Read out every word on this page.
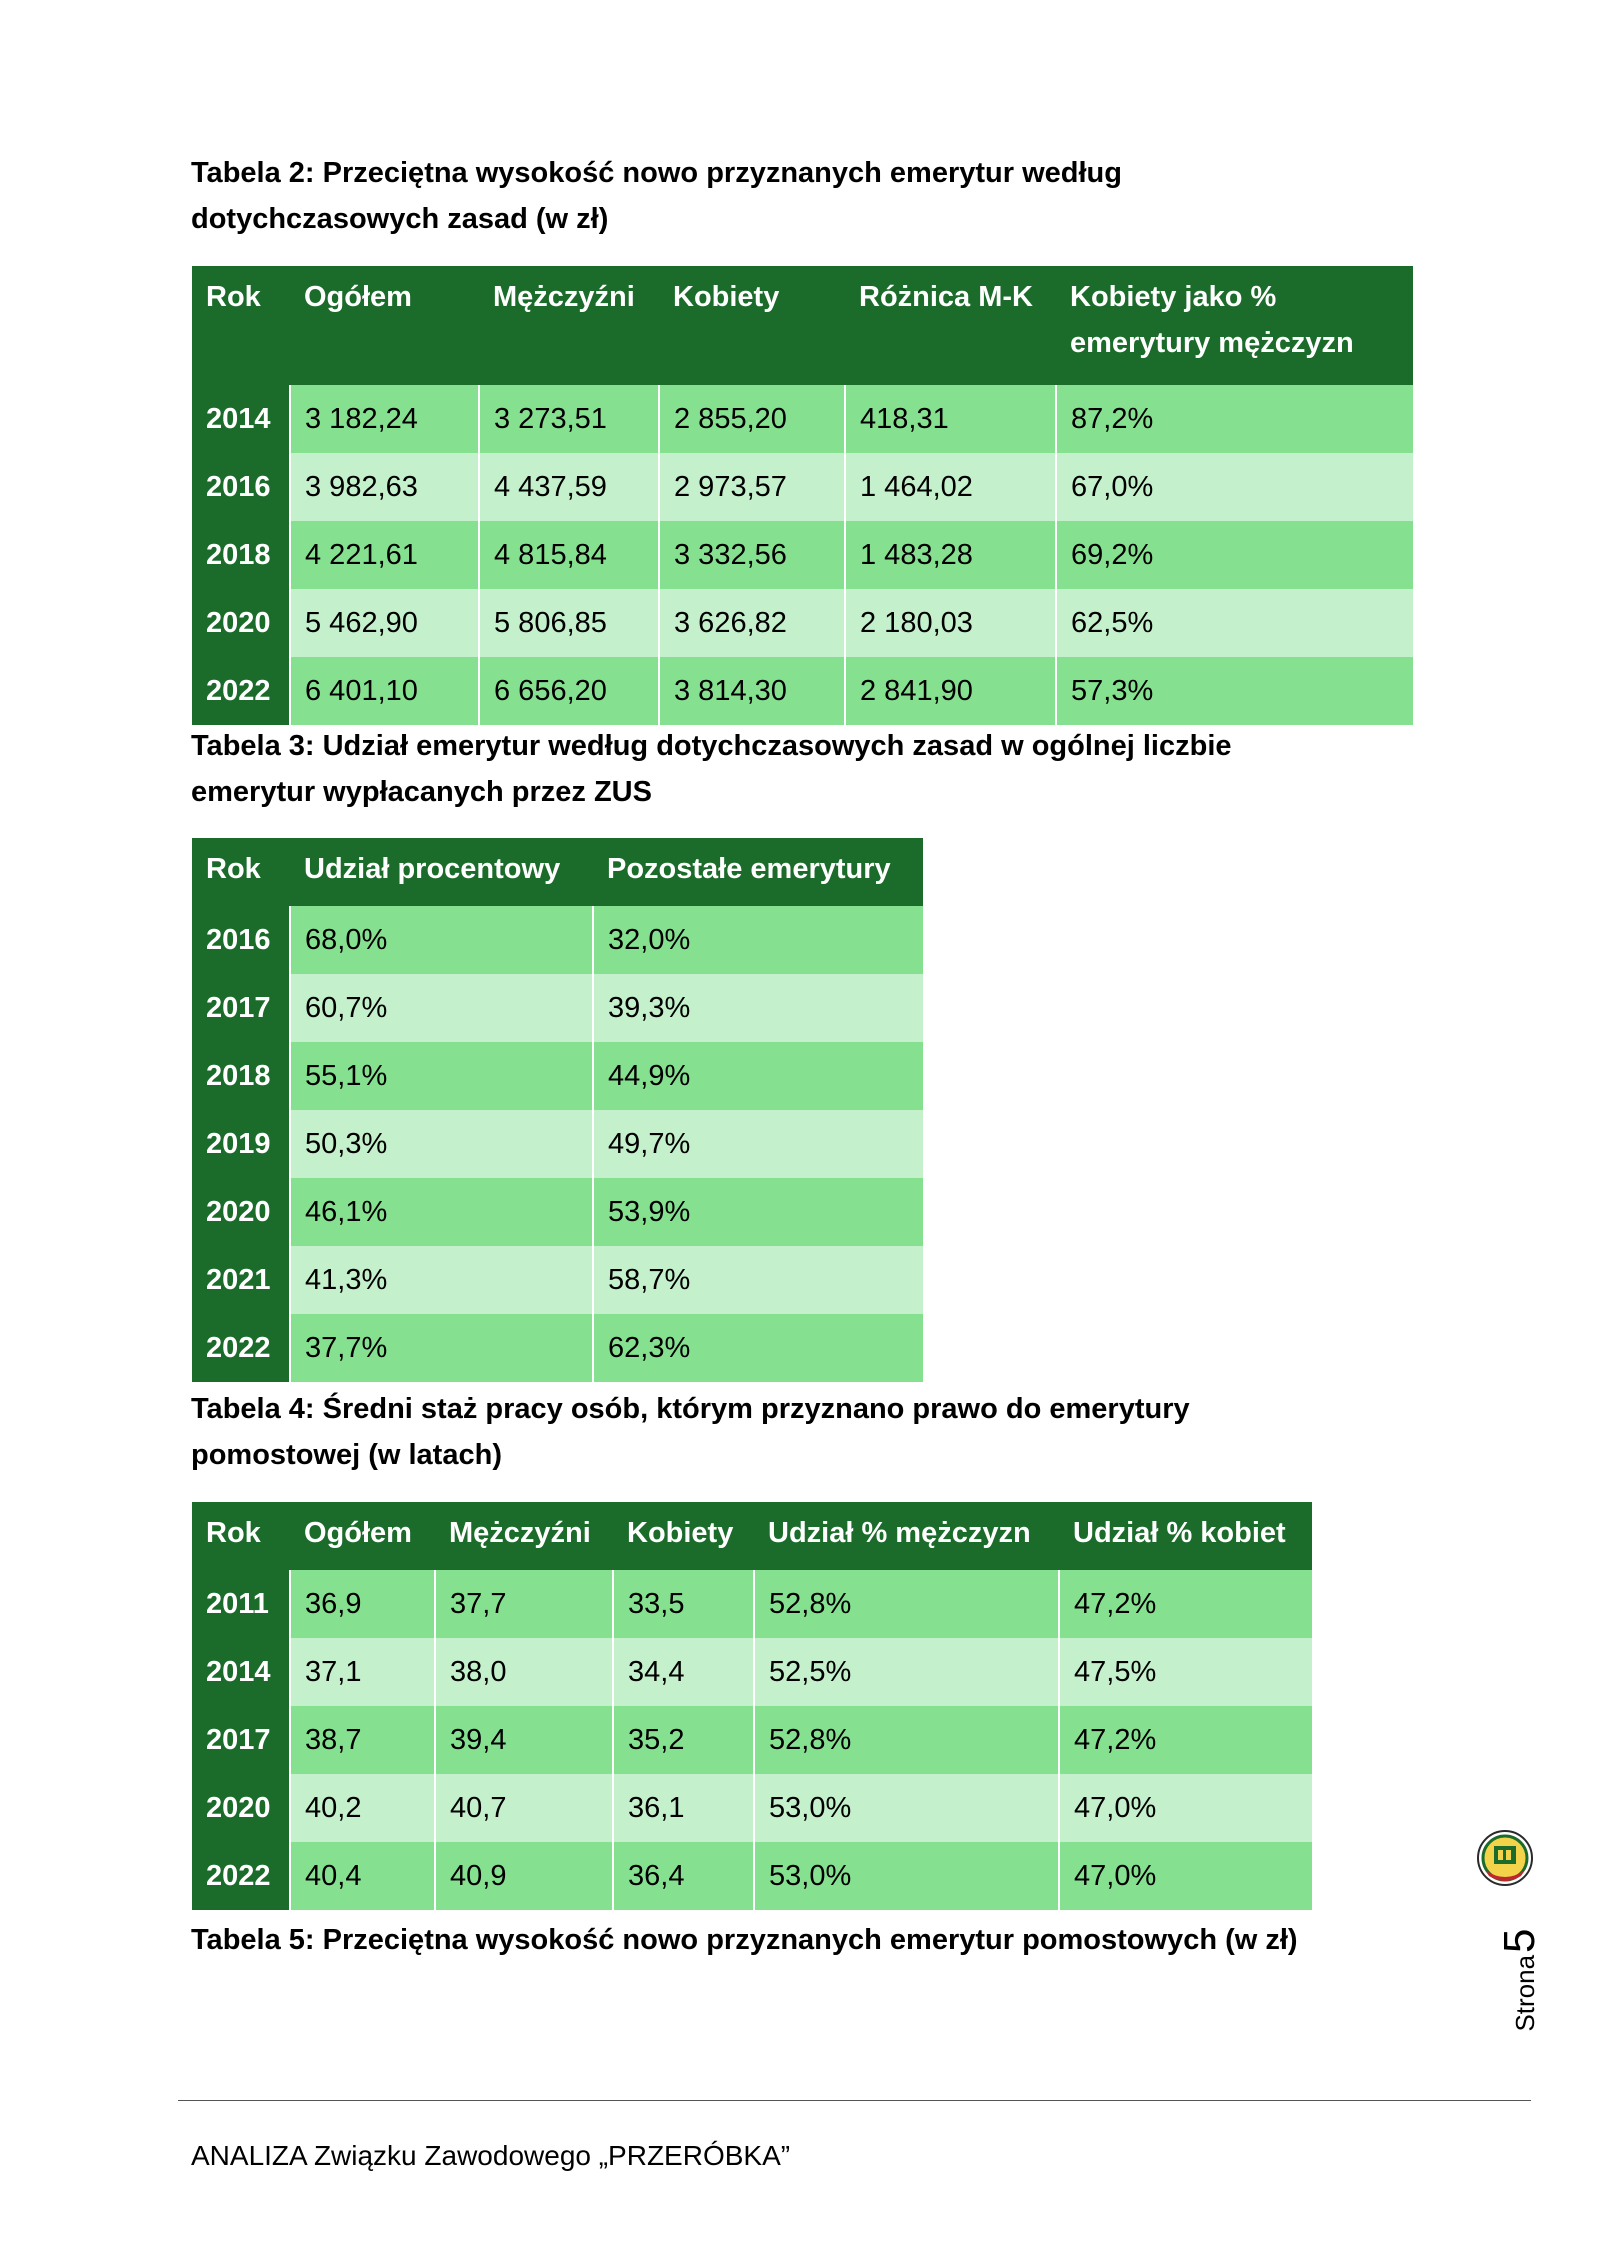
Tabela 2: Przeciętna wysokość nowo przyznanych emerytur według
dotychczasowych zasad (w zł)

Rok	Ogółem	Mężczyźni	Kobiety	Różnica M-K	Kobiety jako % emerytury mężczyzn
2014	3 182,24	3 273,51	2 855,20	418,31	87,2%
2016	3 982,63	4 437,59	2 973,57	1 464,02	67,0%
2018	4 221,61	4 815,84	3 332,56	1 483,28	69,2%
2020	5 462,90	5 806,85	3 626,82	2 180,03	62,5%
2022	6 401,10	6 656,20	3 814,30	2 841,90	57,3%

Tabela 3: Udział emerytur według dotychczasowych zasad w ogólnej liczbie
emerytur wypłacanych przez ZUS

Rok	Udział procentowy	Pozostałe emerytury
2016	68,0%	32,0%
2017	60,7%	39,3%
2018	55,1%	44,9%
2019	50,3%	49,7%
2020	46,1%	53,9%
2021	41,3%	58,7%
2022	37,7%	62,3%

Tabela 4: Średni staż pracy osób, którym przyznano prawo do emerytury
pomostowej (w latach)

Rok	Ogółem	Mężczyźni	Kobiety	Udział % mężczyzn	Udział % kobiet
2011	36,9	37,7	33,5	52,8%	47,2%
2014	37,1	38,0	34,4	52,5%	47,5%
2017	38,7	39,4	35,2	52,8%	47,2%
2020	40,2	40,7	36,1	53,0%	47,0%
2022	40,4	40,9	36,4	53,0%	47,0%

Tabela 5: Przeciętna wysokość nowo przyznanych emerytur pomostowych (w zł)

Strona
5

ANALIZA Związku Zawodowego „PRZERÓBKA”
